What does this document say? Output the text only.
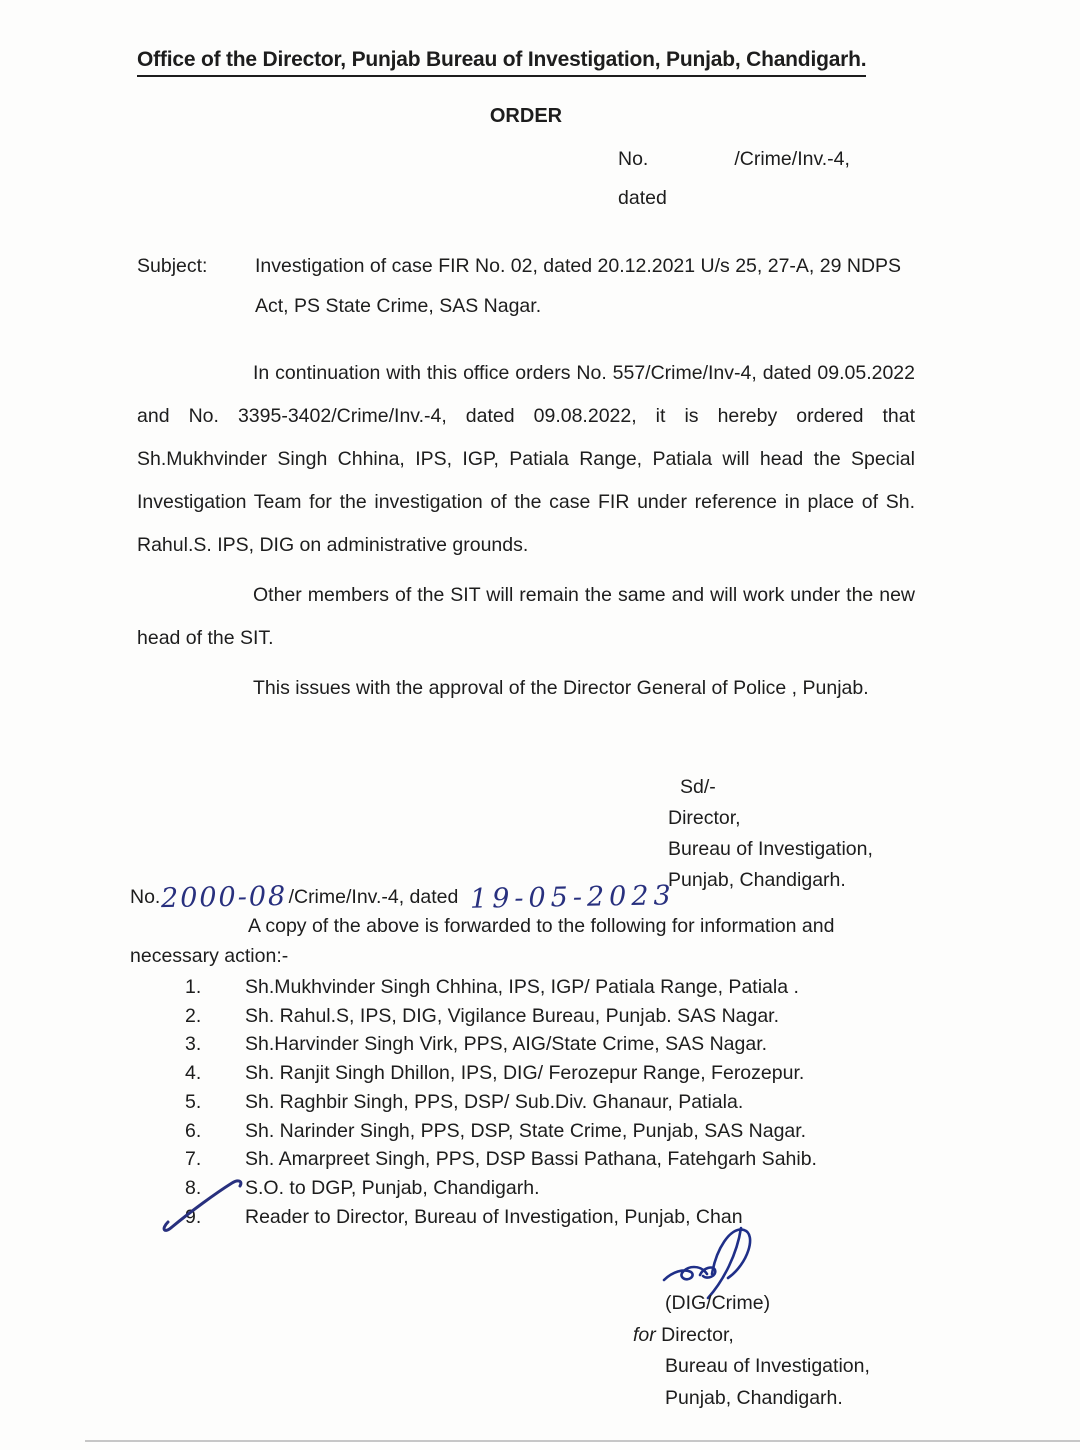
Office of the Director, Punjab Bureau of Investigation, Punjab, Chandigarh.
ORDER
No.	/Crime/Inv.-4,
dated
Subject:	Investigation of case FIR No. 02, dated 20.12.2021 U/s 25, 27-A, 29 NDPS Act, PS State Crime, SAS Nagar.
In continuation with this office orders No. 557/Crime/Inv-4, dated 09.05.2022 and No. 3395-3402/Crime/Inv.-4, dated 09.08.2022, it is hereby ordered that Sh.Mukhvinder Singh Chhina, IPS, IGP, Patiala Range, Patiala will head the Special Investigation Team for the investigation of the case FIR under reference in place of Sh. Rahul.S. IPS, DIG on administrative grounds.
Other members of the SIT will remain the same and will work under the new head of the SIT.
This issues with the approval of the Director General of Police , Punjab.
Sd/-
Director,
Bureau of Investigation,
Punjab, Chandigarh.
No.2000-08/Crime/Inv.-4, dated 19-05-2023
A copy of the above is forwarded to the following for information and
necessary action:-
1.	Sh.Mukhvinder Singh Chhina, IPS, IGP/ Patiala Range, Patiala .
2.	Sh. Rahul.S, IPS, DIG, Vigilance Bureau, Punjab. SAS Nagar.
3.	Sh.Harvinder Singh Virk, PPS, AIG/State Crime, SAS Nagar.
4.	Sh. Ranjit Singh Dhillon, IPS, DIG/ Ferozepur Range, Ferozepur.
5.	Sh. Raghbir Singh, PPS, DSP/ Sub.Div. Ghanaur, Patiala.
6.	Sh. Narinder Singh, PPS, DSP, State Crime, Punjab, SAS Nagar.
7.	Sh. Amarpreet Singh, PPS, DSP Bassi Pathana, Fatehgarh Sahib.
8.	S.O. to DGP, Punjab, Chandigarh.
9.	Reader to Director, Bureau of Investigation, Punjab, Chan
(DIG/Crime)
for Director,
Bureau of Investigation,
Punjab, Chandigarh.
